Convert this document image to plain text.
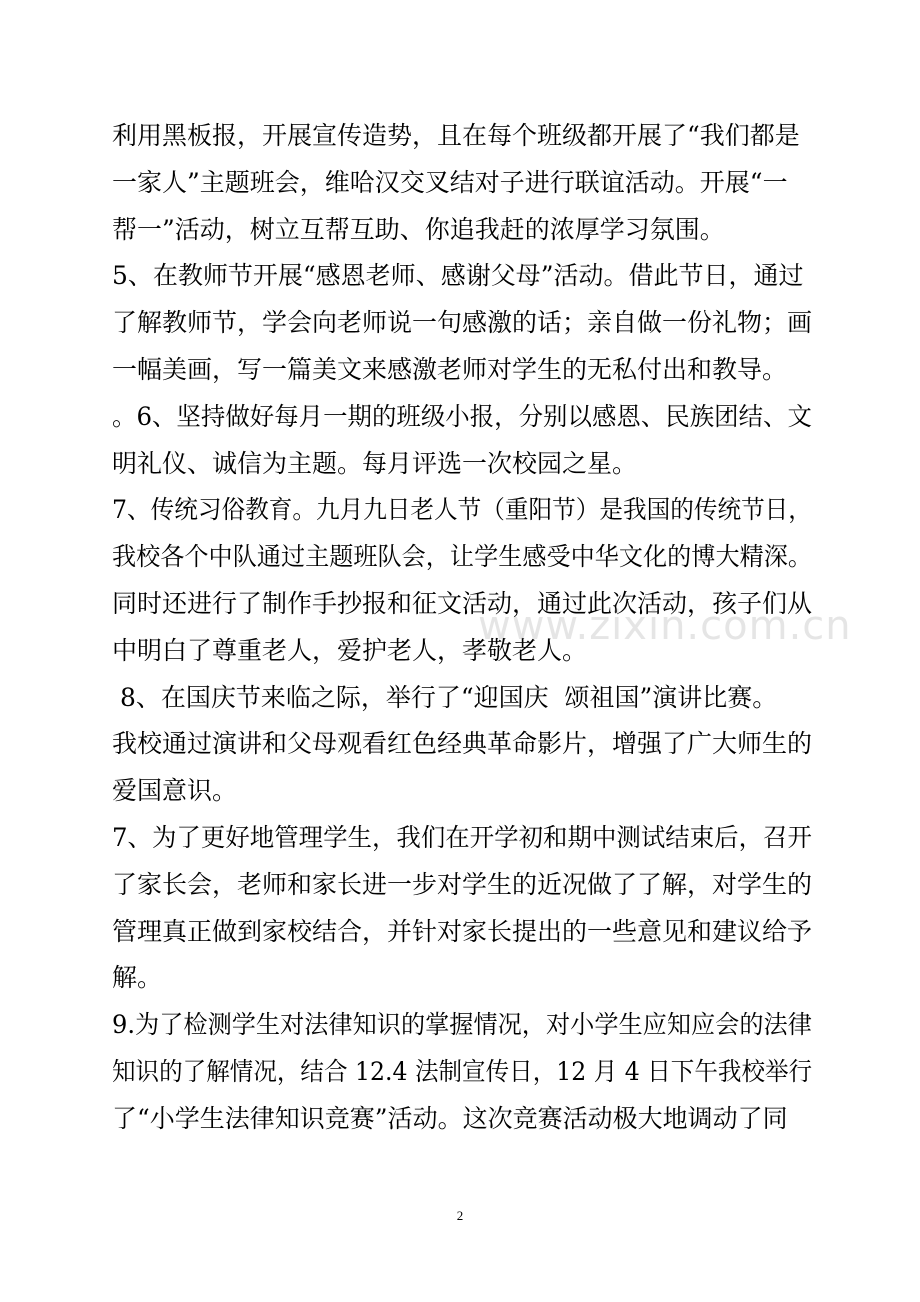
利用黑板报，开展宣传造势，且在每个班级都开展了“我们都是
一家人”主题班会，维哈汉交叉结对子进行联谊活动。开展“一
帮一”活动，树立互帮互助、你追我赶的浓厚学习氛围。
5、在教师节开展“感恩老师、感谢父母”活动。借此节日，通过
了解教师节，学会向老师说一句感激的话；亲自做一份礼物；画
一幅美画，写一篇美文来感激老师对学生的无私付出和教导。
。6、坚持做好每月一期的班级小报，分别以感恩、民族团结、文
明礼仪、诚信为主题。每月评选一次校园之星。
7、传统习俗教育。九月九日老人节（重阳节）是我国的传统节日，
我校各个中队通过主题班队会，让学生感受中华文化的博大精深。
同时还进行了制作手抄报和征文活动，通过此次活动，孩子们从
中明白了尊重老人，爱护老人，孝敬老人。
8、在国庆节来临之际，举行了“迎国庆  颂祖国”演讲比赛。
我校通过演讲和父母观看红色经典革命影片，增强了广大师生的
爱国意识。
7、为了更好地管理学生，我们在开学初和期中测试结束后，召开
了家长会，老师和家长进一步对学生的近况做了了解，对学生的
管理真正做到家校结合，并针对家长提出的一些意见和建议给予
解。
9.为了检测学生对法律知识的掌握情况，对小学生应知应会的法律
知识的了解情况，结合 12.4 法制宣传日，12 月 4 日下午我校举行
了“小学生法律知识竞赛”活动。这次竞赛活动极大地调动了同
www.zixin.com.cn
2
